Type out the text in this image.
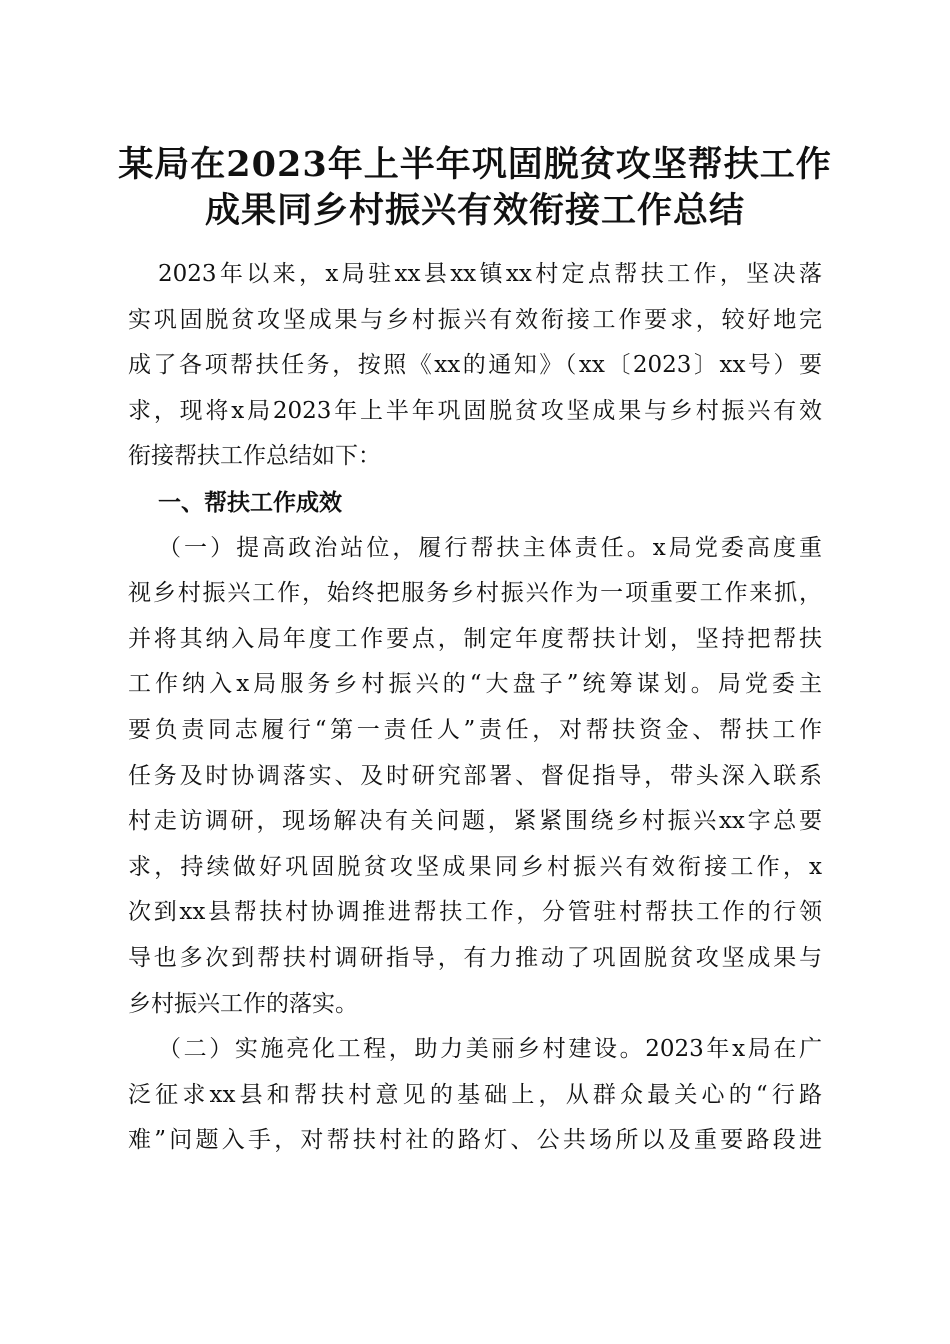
某局在2023年上半年巩固脱贫攻坚帮扶工作
成果同乡村振兴有效衔接工作总结
2023年以来，x局驻xx县xx镇xx村定点帮扶工作，坚决落
实巩固脱贫攻坚成果与乡村振兴有效衔接工作要求，较好地完
成了各项帮扶任务，按照《xx的通知》（xx〔2023〕xx号）要
求，现将x局2023年上半年巩固脱贫攻坚成果与乡村振兴有效
衔接帮扶工作总结如下：
一、帮扶工作成效
（一）提高政治站位，履行帮扶主体责任。x局党委高度重
视乡村振兴工作，始终把服务乡村振兴作为一项重要工作来抓，
并将其纳入局年度工作要点，制定年度帮扶计划，坚持把帮扶
工作纳入x局服务乡村振兴的“大盘子”统筹谋划。局党委主
要负责同志履行“第一责任人”责任，对帮扶资金、帮扶工作
任务及时协调落实、及时研究部署、督促指导，带头深入联系
村走访调研，现场解决有关问题，紧紧围绕乡村振兴xx字总要
求，持续做好巩固脱贫攻坚成果同乡村振兴有效衔接工作，x
次到xx县帮扶村协调推进帮扶工作，分管驻村帮扶工作的行领
导也多次到帮扶村调研指导，有力推动了巩固脱贫攻坚成果与
乡村振兴工作的落实。
（二）实施亮化工程，助力美丽乡村建设。2023年x局在广
泛征求xx县和帮扶村意见的基础上，从群众最关心的“行路
难”问题入手，对帮扶村社的路灯、公共场所以及重要路段进
